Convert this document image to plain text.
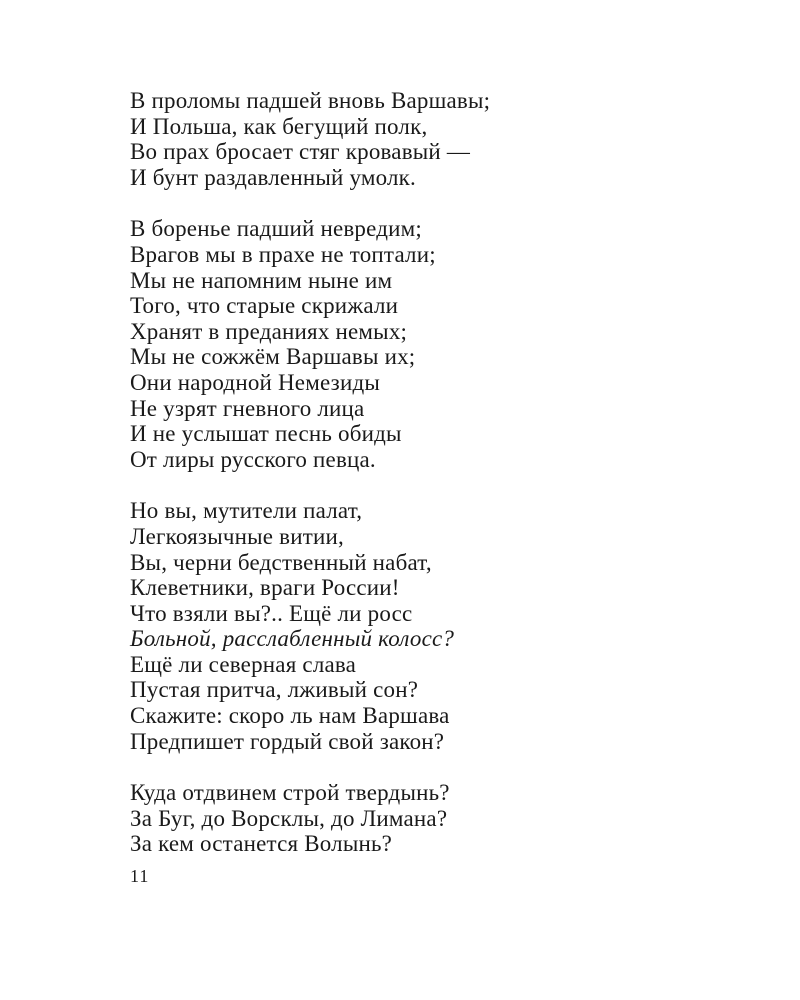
В проломы падшей вновь Варшавы;
И Польша, как бегущий полк,
Во прах бросает стяг кровавый —
И бунт раздавленный умолк.
В боренье падший невредим;
Врагов мы в прахе не топтали;
Мы не напомним ныне им
Того, что старые скрижали
Хранят в преданиях немых;
Мы не сожжём Варшавы их;
Они народной Немезиды
Не узрят гневного лица
И не услышат песнь обиды
От лиры русского певца.
Но вы, мутители палат,
Легкоязычные витии,
Вы, черни бедственный набат,
Клеветники, враги России!
Что взяли вы?.. Ещё ли росс
Больной, расслабленный колосс?
Ещё ли северная слава
Пустая притча, лживый сон?
Скажите: скоро ль нам Варшава
Предпишет гордый свой закон?
Куда отдвинем строй твердынь?
За Буг, до Ворсклы, до Лимана?
За кем останется Волынь?
11
